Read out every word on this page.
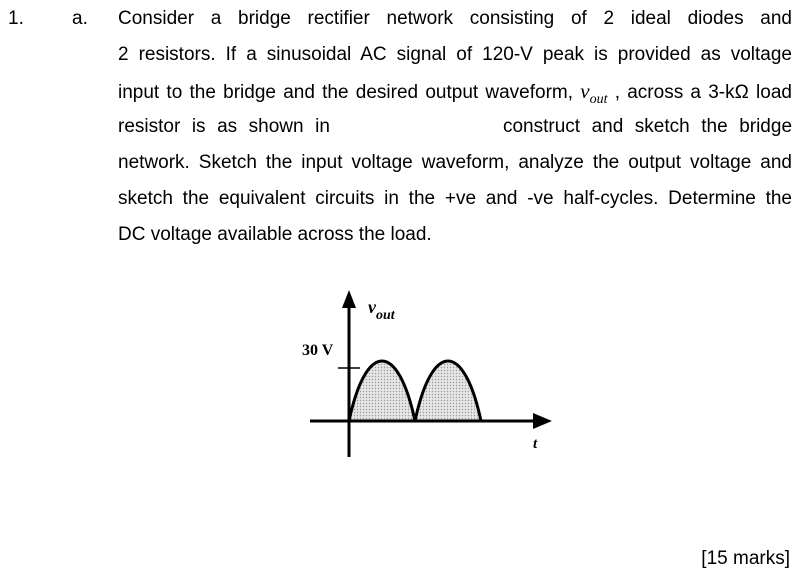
1.	a. Consider a bridge rectifier network consisting of 2 ideal diodes and
2 resistors. If a sinusoidal AC signal of 120-V peak is provided as voltage
input to the bridge and the desired output waveform, $v_{out}$ , across a 3-kΩ load
resistor is as shown in	construct and sketch the bridge
network. Sketch the input voltage waveform, analyze the output voltage and
sketch the equivalent circuits in the +ve and -ve half-cycles. Determine the
DC voltage available across the load.
$v_{out}$
30 V
t
[15 marks]
